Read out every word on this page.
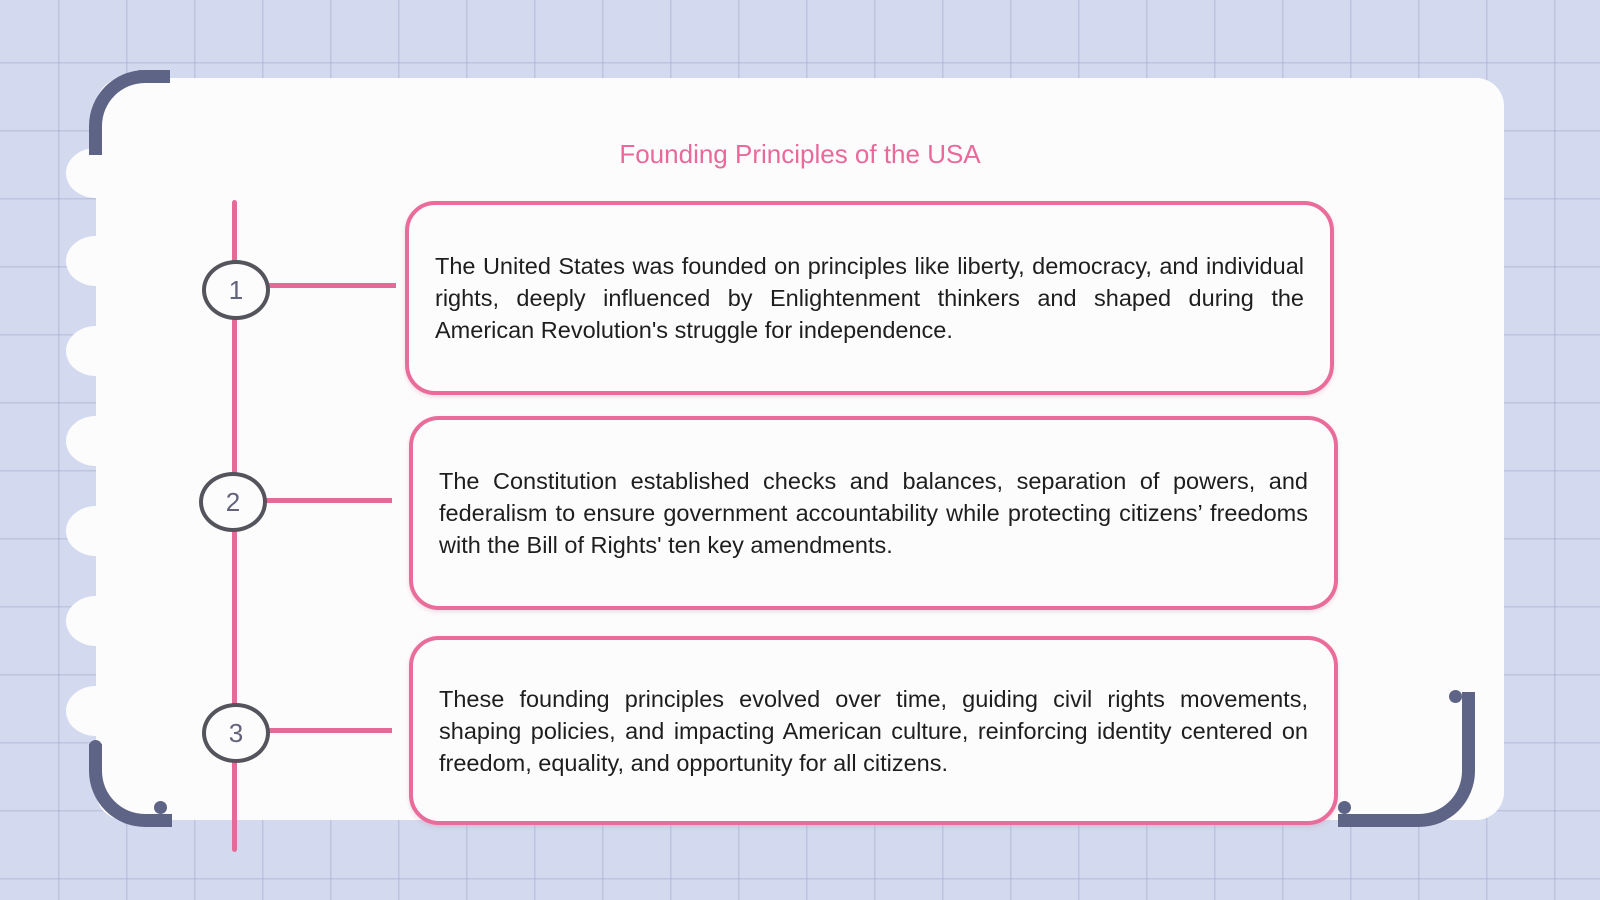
Founding Principles of the USA
1

The United States was founded on principles like liberty, democracy, and individual rights, deeply influenced by Enlightenment thinkers and shaped during the American Revolution's struggle for independence.

2

The Constitution established checks and balances, separation of powers, and federalism to ensure government accountability while protecting citizens’ freedoms with the Bill of Rights' ten key amendments.

3

These founding principles evolved over time, guiding civil rights movements, shaping policies, and impacting American culture, reinforcing identity centered on freedom, equality, and opportunity for all citizens.
